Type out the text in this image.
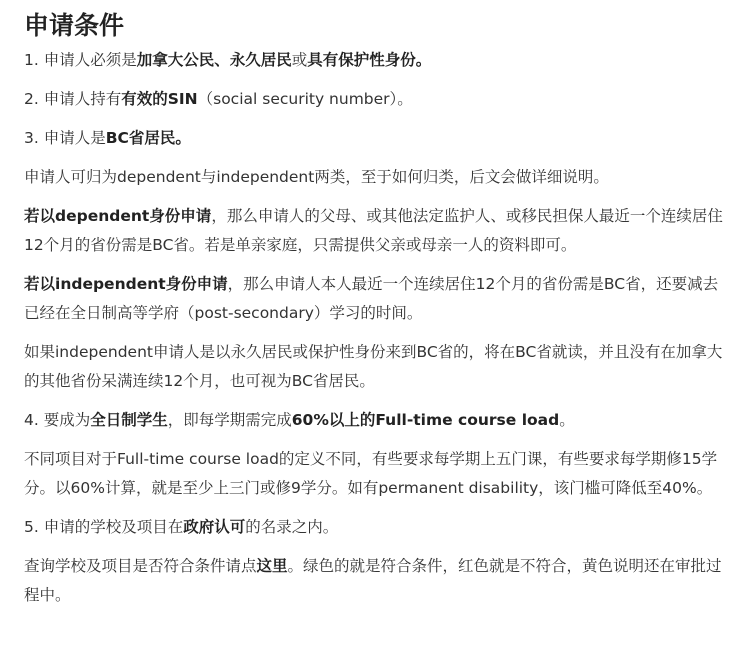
申请条件
1. 申请人必须是加拿大公民、永久居民或具有保护性身份。
2. 申请人持有有效的SIN（social security number）。
3. 申请人是BC省居民。
申请人可归为dependent与independent两类，至于如何归类，后文会做详细说明。
若以dependent身份申请，那么申请人的父母、或其他法定监护人、或移民担保人最近一个连续居住12个月的省份需是BC省。若是单亲家庭，只需提供父亲或母亲一人的资料即可。
若以independent身份申请，那么申请人本人最近一个连续居住12个月的省份需是BC省，还要减去已经在全日制高等学府（post-secondary）学习的时间。
如果independent申请人是以永久居民或保护性身份来到BC省的，将在BC省就读，并且没有在加拿大的其他省份呆满连续12个月，也可视为BC省居民。
4. 要成为全日制学生，即每学期需完成60%以上的Full-time course load。
不同项目对于Full-time course load的定义不同，有些要求每学期上五门课，有些要求每学期修15学分。以60%计算，就是至少上三门或修9学分。如有permanent disability，该门槛可降低至40%。
5. 申请的学校及项目在政府认可的名录之内。
查询学校及项目是否符合条件请点这里。绿色的就是符合条件，红色就是不符合，黄色说明还在审批过程中。
